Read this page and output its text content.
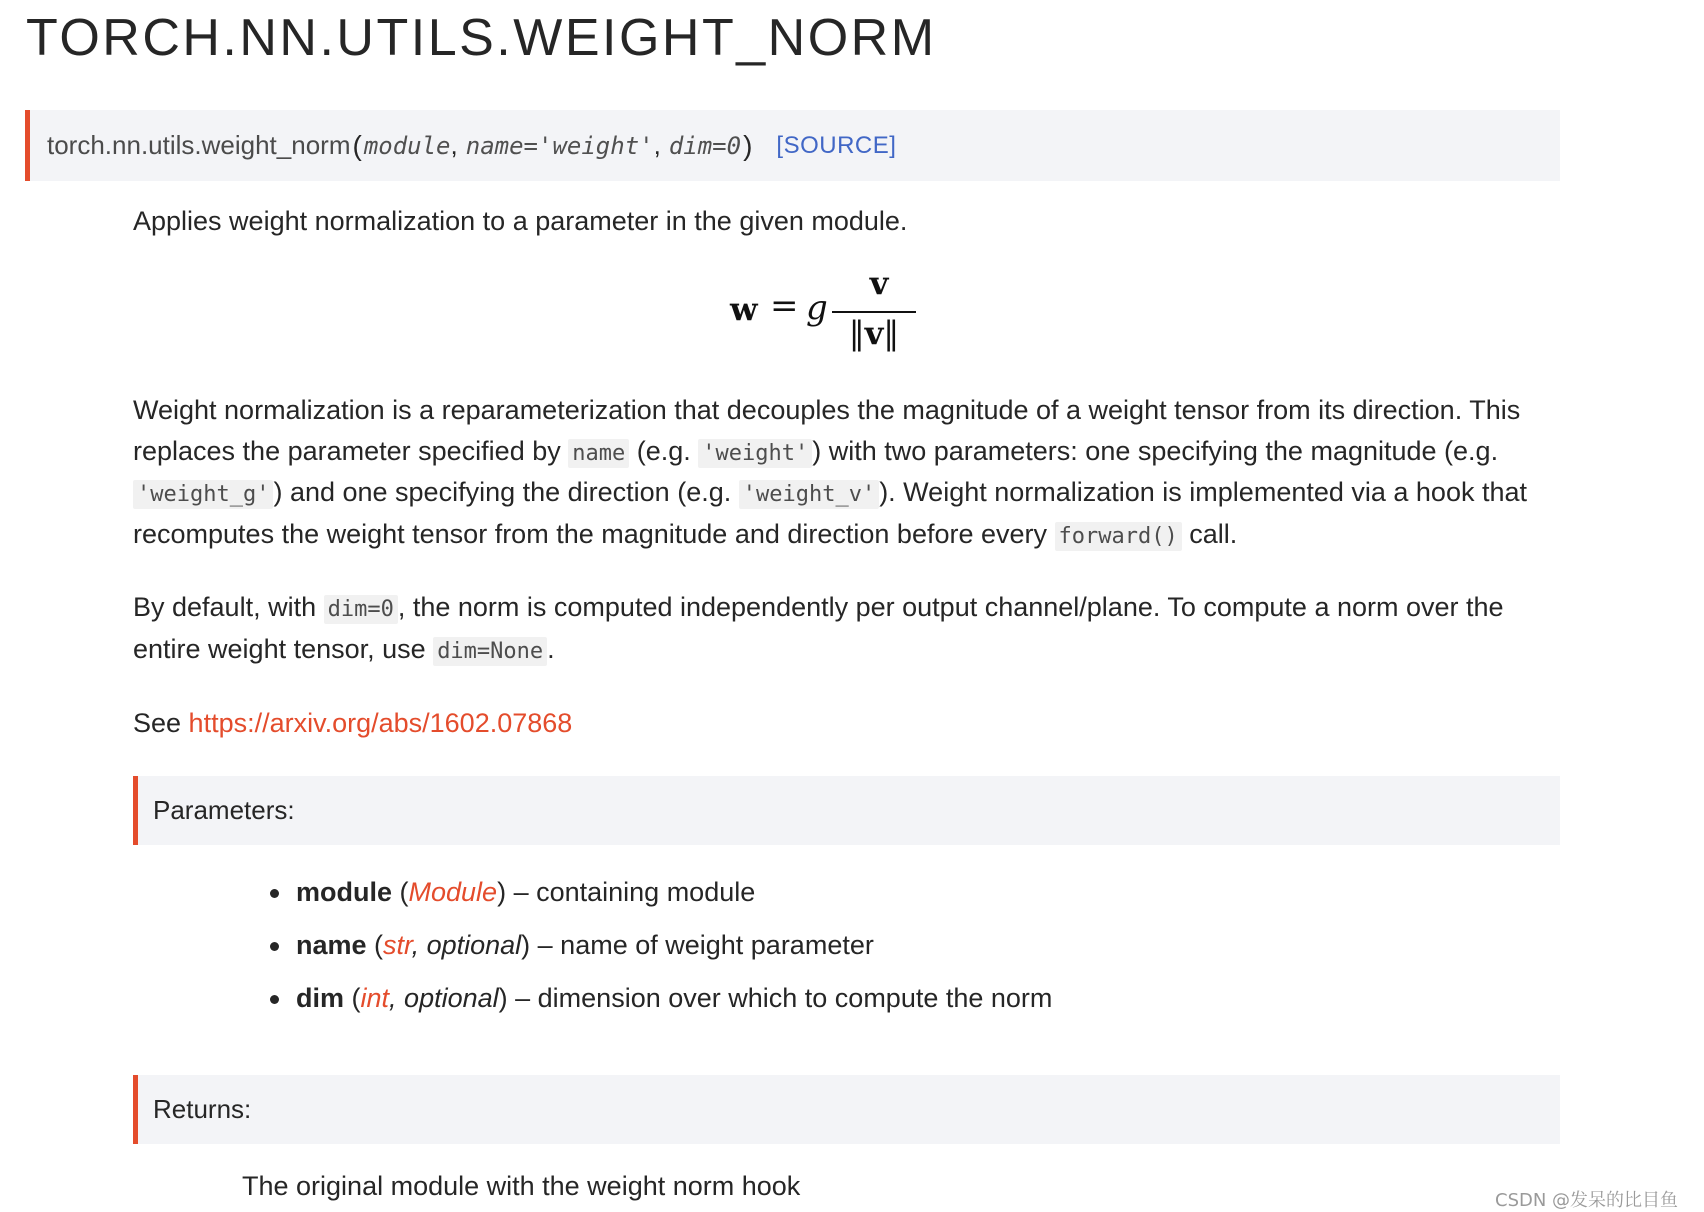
TORCH.NN.UTILS.WEIGHT_NORM
torch.nn.utils.weight_norm ( module , name='weight' , dim=0 ) [SOURCE]
Applies weight normalization to a parameter in the given module.
w = g
v
‖v‖
Weight normalization is a reparameterization that decouples the magnitude of a weight tensor from its direction. This
replaces the parameter specified by name (e.g. 'weight' ) with two parameters: one specifying the magnitude (e.g.
'weight_g' ) and one specifying the direction (e.g. 'weight_v' ). Weight normalization is implemented via a hook that
recomputes the weight tensor from the magnitude and direction before every forward() call.
By default, with dim=0 , the norm is computed independently per output channel/plane. To compute a norm over the
entire weight tensor, use dim=None .
See https://arxiv.org/abs/1602.07868
Parameters:
module (Module) – containing module
name (str, optional) – name of weight parameter
dim (int, optional) – dimension over which to compute the norm
Returns:
The original module with the weight norm hook	CSDN @发呆的比目鱼
